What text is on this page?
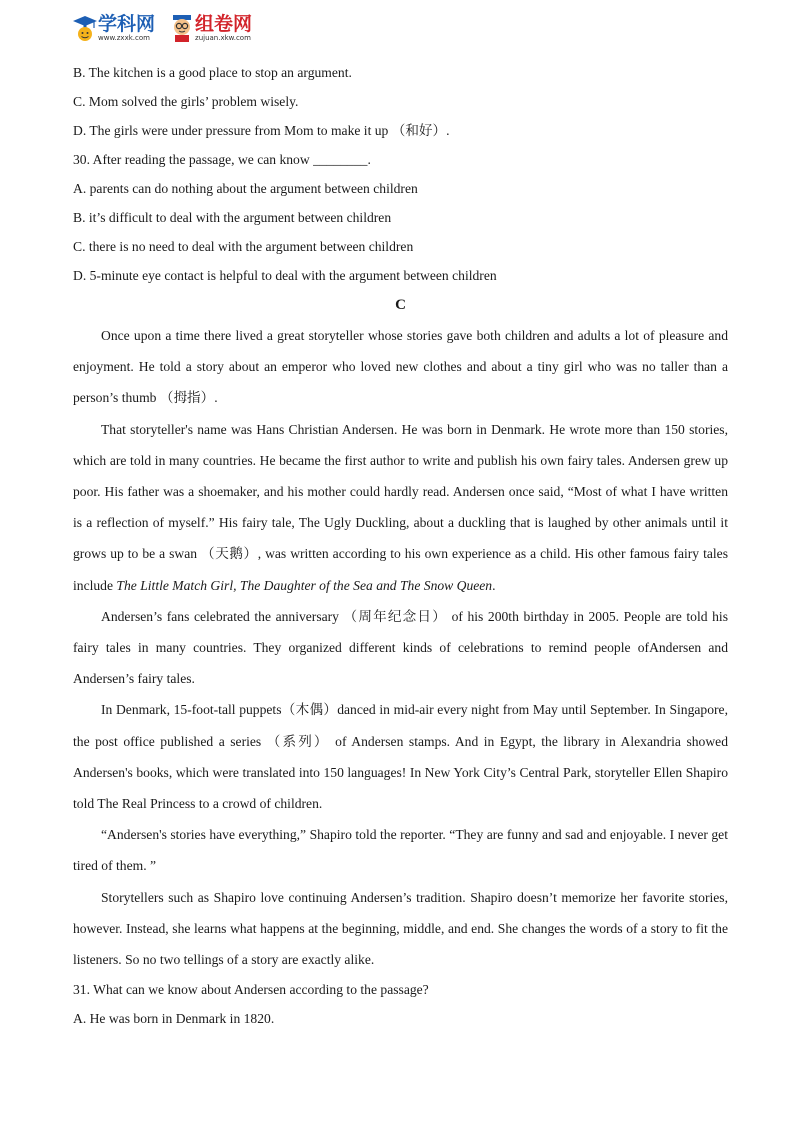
学科网
www.zxxk.com
组卷网
zujuan.xkw.com
B. The kitchen is a good place to stop an argument.
C. Mom solved the girls’ problem wisely.
D. The girls were under pressure from Mom to make it up （和好）.
30. After reading the passage, we can know ________.
A. parents can do nothing about the argument between children
B. it’s difficult to deal with the argument between children
C. there is no need to deal with the argument between children
D. 5-minute eye contact is helpful to deal with the argument between children
C

Once upon a time there lived a great storyteller whose stories gave both children and adults a lot of pleasure and enjoyment. He told a story about an emperor who loved new clothes and about a tiny girl who was no taller than a person’s thumb （拇指）.

That storyteller's name was Hans Christian Andersen. He was born in Denmark. He wrote more than 150 stories, which are told in many countries. He became the first author to write and publish his own fairy tales. Andersen grew up poor. His father was a shoemaker, and his mother could hardly read. Andersen once said, “Most of what I have written is a reflection of myself.” His fairy tale, The Ugly Duckling, about a duckling that is laughed by other animals until it grows up to be a swan （天鹅）, was written according to his own experience as a child. His other famous fairy tales include The Little Match Girl, The Daughter of the Sea and The Snow Queen.

Andersen’s fans celebrated the anniversary （周年纪念日） of his 200th birthday in 2005. People are told his fairy tales in many countries. They organized different kinds of celebrations to remind people ofAndersen and Andersen’s fairy tales.

In Denmark, 15-foot-tall puppets（木偶）danced in mid-air every night from May until September. In Singapore, the post office published a series （系列） of Andersen stamps. And in Egypt, the library in Alexandria showed Andersen's books, which were translated into 150 languages! In New York City’s Central Park, storyteller Ellen Shapiro told The Real Princess to a crowd of children.

“Andersen's stories have everything,” Shapiro told the reporter. “They are funny and sad and enjoyable. I never get tired of them. ”

Storytellers such as Shapiro love continuing Andersen’s tradition. Shapiro doesn’t memorize her favorite stories, however. Instead, she learns what happens at the beginning, middle, and end. She changes the words of a story to fit the listeners. So no two tellings of a story are exactly alike.

31. What can we know about Andersen according to the passage?
A. He was born in Denmark in 1820.
